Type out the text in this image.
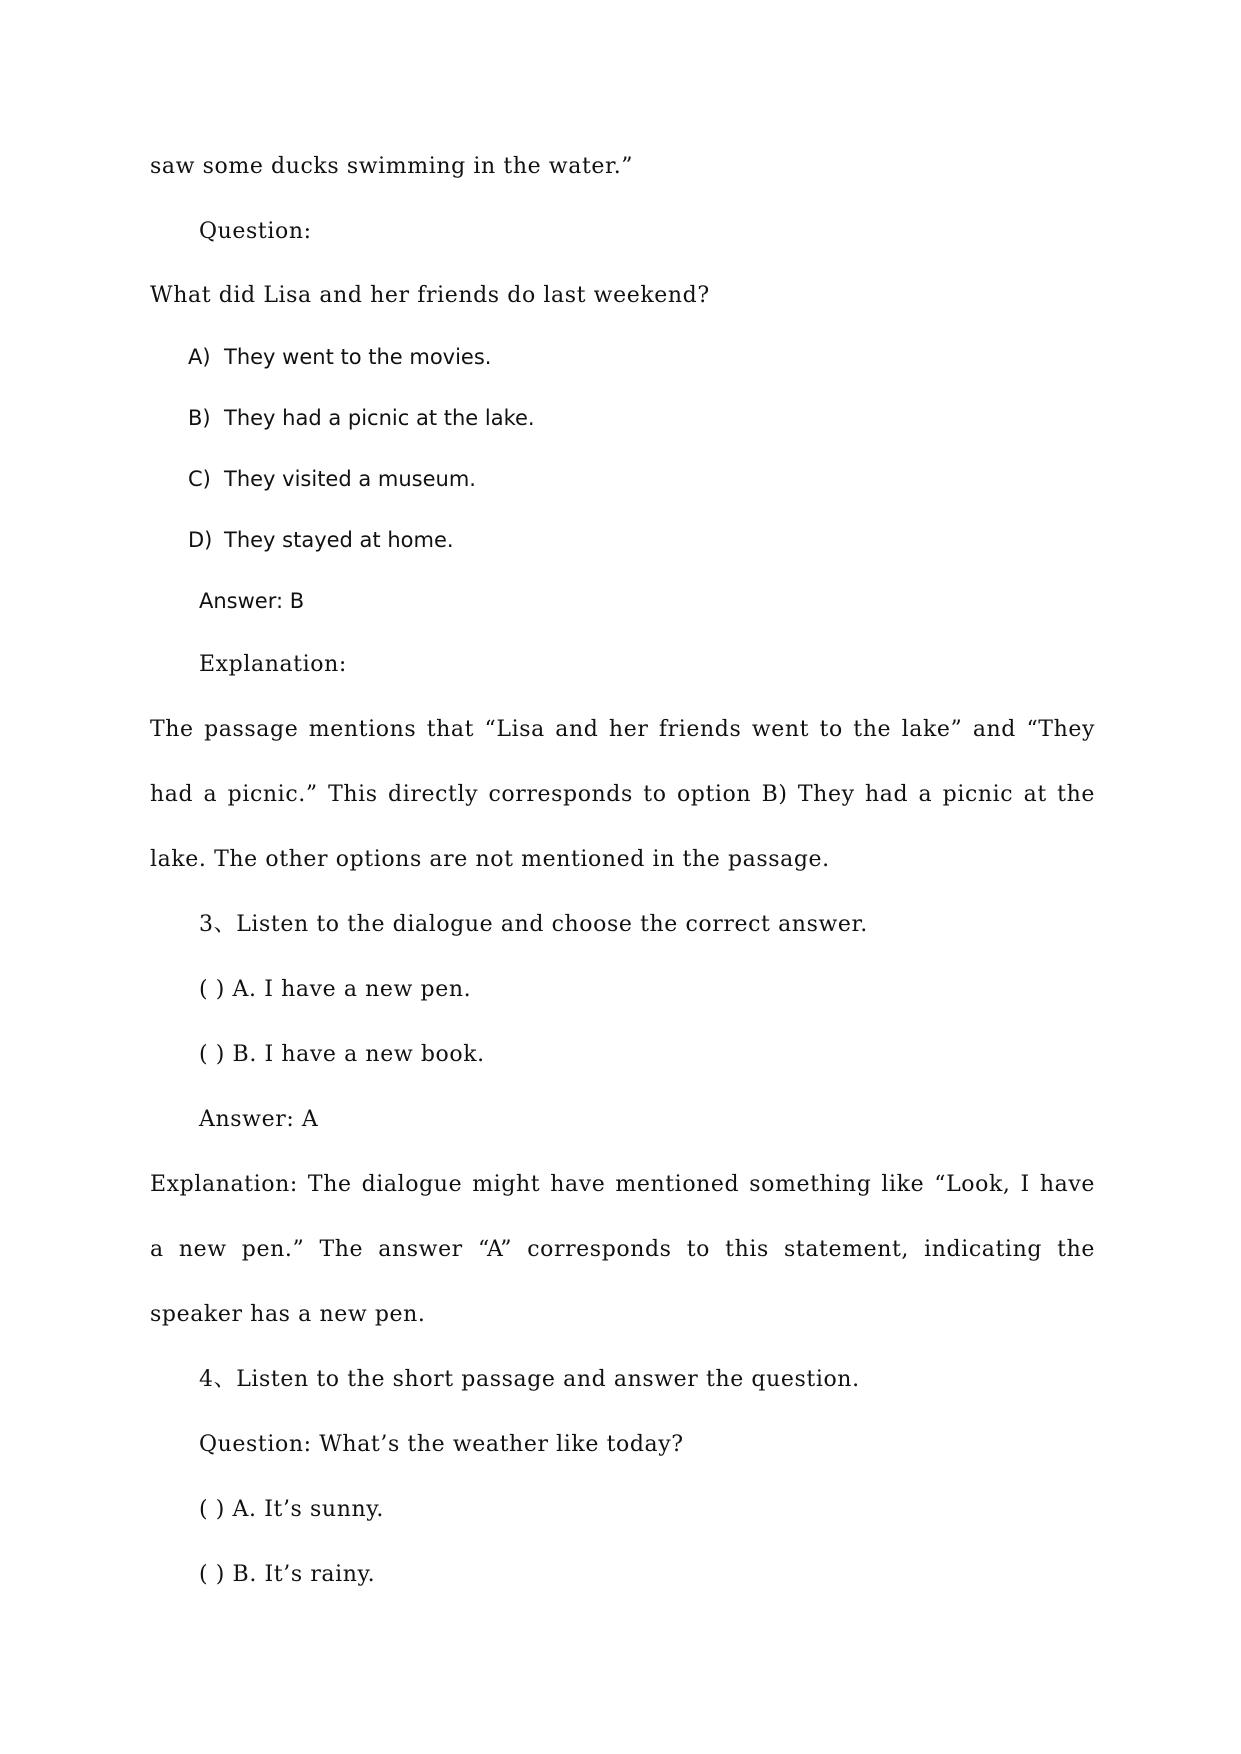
saw some ducks swimming in the water.”
Question:
What did Lisa and her friends do last weekend?
A) They went to the movies.
B) They had a picnic at the lake.
C) They visited a museum.
D) They stayed at home.
Answer: B
Explanation:
The passage mentions that “Lisa and her friends went to the lake” and “They
had a picnic.” This directly corresponds to option B) They had a picnic at the
lake. The other options are not mentioned in the passage.
3、Listen to the dialogue and choose the correct answer.
( ) A. I have a new pen.
( ) B. I have a new book.
Answer: A
Explanation: The dialogue might have mentioned something like “Look, I have
a new pen.” The answer “A” corresponds to this statement, indicating the
speaker has a new pen.
4、Listen to the short passage and answer the question.
Question: What’s the weather like today?
( ) A. It’s sunny.
( ) B. It’s rainy.
